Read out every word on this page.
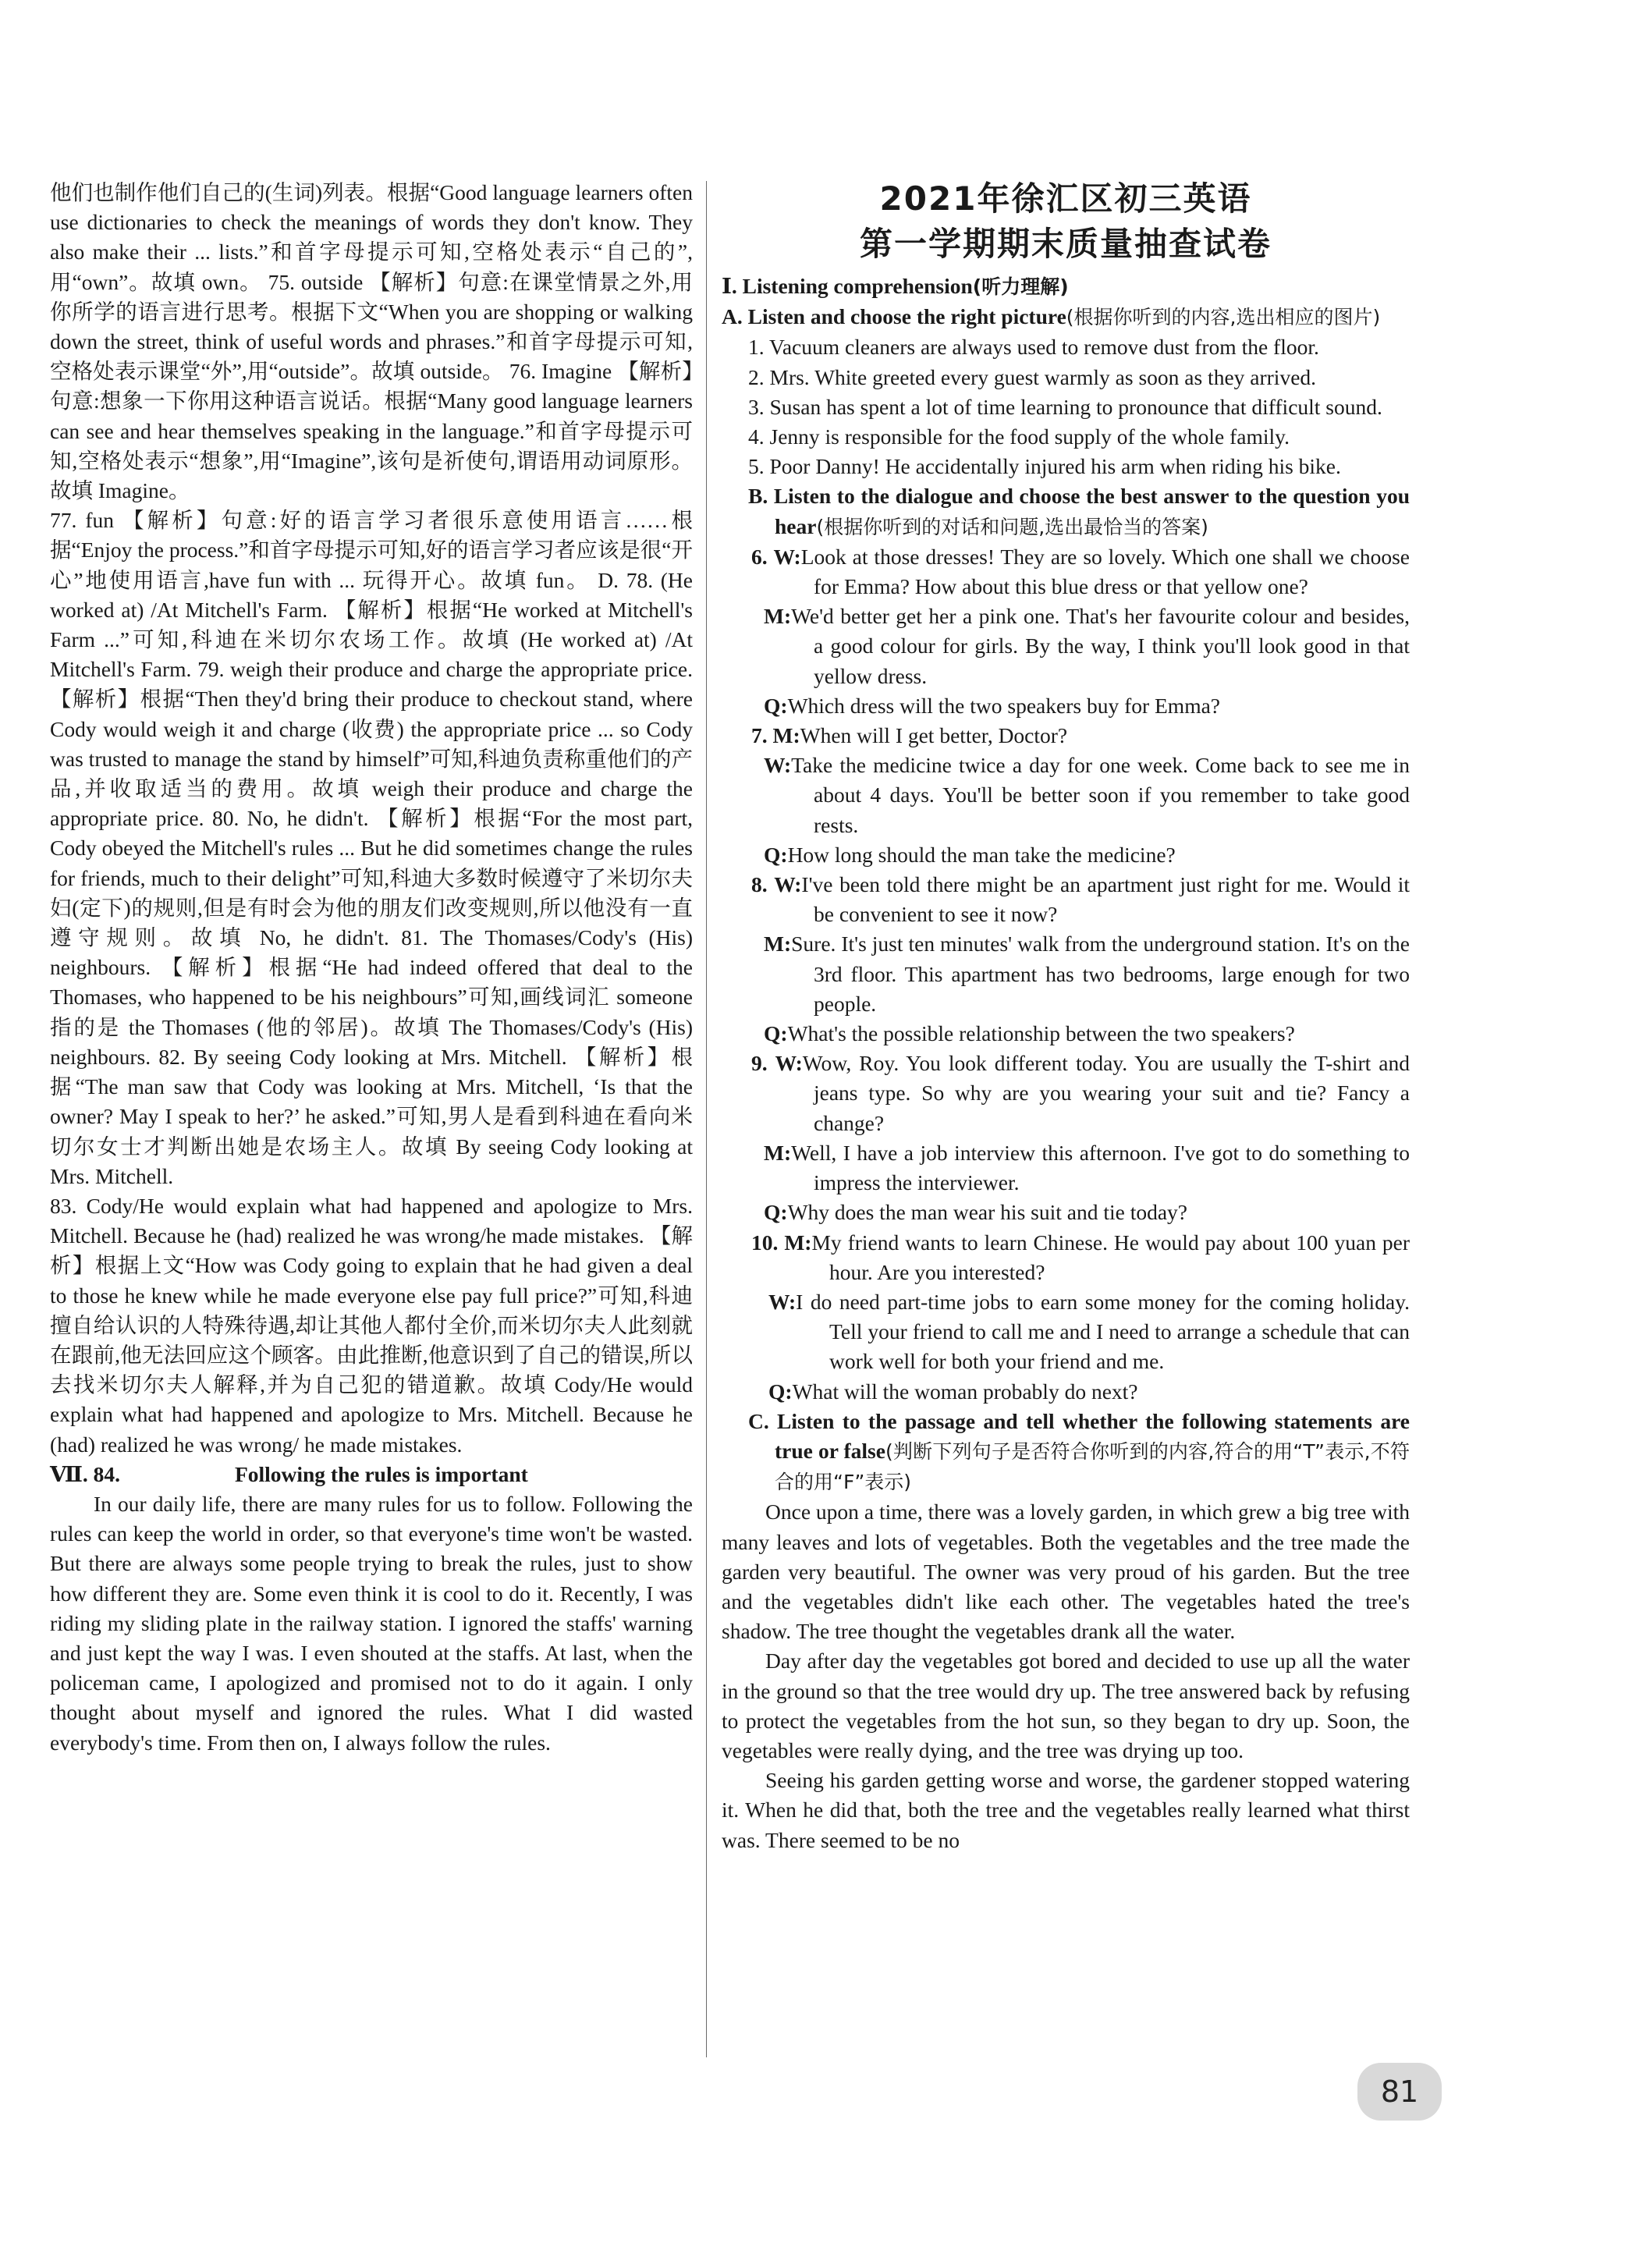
他们也制作他们自己的(生词)列表。根据“Good language learners often use dictionaries to check the meanings of words they don't know. They also make their ... lists.”和首字母提示可知,空格处表示“自己的”,用“own”。故填 own。 75. outside 【解析】句意:在课堂情景之外,用你所学的语言进行思考。根据下文“When you are shopping or walking down the street, think of useful words and phrases.”和首字母提示可知,空格处表示课堂“外”,用“outside”。故填 outside。 76. Imagine 【解析】句意:想象一下你用这种语言说话。根据“Many good language learners can see and hear themselves speaking in the language.”和首字母提示可知,空格处表示“想象”,用“Imagine”,该句是祈使句,谓语用动词原形。故填 Imagine。

77. fun 【解析】句意:好的语言学习者很乐意使用语言……根据“Enjoy the process.”和首字母提示可知,好的语言学习者应该是很“开心”地使用语言,have fun with ... 玩得开心。故填 fun。 D. 78. (He worked at) /At Mitchell's Farm. 【解析】根据“He worked at Mitchell's Farm ...”可知,科迪在米切尔农场工作。故填 (He worked at) /At Mitchell's Farm. 79. weigh their produce and charge the appropriate price. 【解析】根据“Then they'd bring their produce to checkout stand, where Cody would weigh it and charge (收费) the appropriate price ... so Cody was trusted to manage the stand by himself”可知,科迪负责称重他们的产品,并收取适当的费用。故填 weigh their produce and charge the appropriate price. 80. No, he didn't. 【解析】根据“For the most part, Cody obeyed the Mitchell's rules ... But he did sometimes change the rules for friends, much to their delight”可知,科迪大多数时候遵守了米切尔夫妇(定下)的规则,但是有时会为他的朋友们改变规则,所以他没有一直遵守规则。故填 No, he didn't. 81. The Thomases/Cody's (His) neighbours. 【解析】根据“He had indeed offered that deal to the Thomases, who happened to be his neighbours”可知,画线词汇 someone 指的是 the Thomases (他的邻居)。故填 The Thomases/Cody's (His) neighbours. 82. By seeing Cody looking at Mrs. Mitchell. 【解析】根据“The man saw that Cody was looking at Mrs. Mitchell, ‘Is that the owner? May I speak to her?’ he asked.”可知,男人是看到科迪在看向米切尔女士才判断出她是农场主人。故填 By seeing Cody looking at Mrs. Mitchell.

83. Cody/He would explain what had happened and apologize to Mrs. Mitchell. Because he (had) realized he was wrong/he made mistakes. 【解析】根据上文“How was Cody going to explain that he had given a deal to those he knew while he made everyone else pay full price?”可知,科迪擅自给认识的人特殊待遇,却让其他人都付全价,而米切尔夫人此刻就在跟前,他无法回应这个顾客。由此推断,他意识到了自己的错误,所以去找米切尔夫人解释,并为自己犯的错道歉。故填 Cody/He would explain what had happened and apologize to Mrs. Mitchell. Because he (had) realized he was wrong/ he made mistakes.

Ⅶ. 84.	Following the rules is important

In our daily life, there are many rules for us to follow. Following the rules can keep the world in order, so that everyone's time won't be wasted. But there are always some people trying to break the rules, just to show how different they are. Some even think it is cool to do it. Recently, I was riding my sliding plate in the railway station. I ignored the staffs' warning and just kept the way I was. I even shouted at the staffs. At last, when the policeman came, I apologized and promised not to do it again. I only thought about myself and ignored the rules. What I did wasted everybody's time. From then on, I always follow the rules.

2021年徐汇区初三英语
第一学期期末质量抽查试卷

Ⅰ. Listening comprehension(听力理解)

A. Listen and choose the right picture(根据你听到的内容,选出相应的图片)

1. Vacuum cleaners are always used to remove dust from the floor.

2. Mrs. White greeted every guest warmly as soon as they arrived.

3. Susan has spent a lot of time learning to pronounce that difficult sound.

4. Jenny is responsible for the food supply of the whole family.

5. Poor Danny! He accidentally injured his arm when riding his bike.

B. Listen to the dialogue and choose the best answer to the question you hear(根据你听到的对话和问题,选出最恰当的答案)

6. W:Look at those dresses! They are so lovely. Which one shall we choose for Emma? How about this blue dress or that yellow one?

M:We'd better get her a pink one. That's her favourite colour and besides, a good colour for girls. By the way, I think you'll look good in that yellow dress.

Q:Which dress will the two speakers buy for Emma?

7. M:When will I get better, Doctor?

W:Take the medicine twice a day for one week. Come back to see me in about 4 days. You'll be better soon if you remember to take good rests.

Q:How long should the man take the medicine?

8. W:I've been told there might be an apartment just right for me. Would it be convenient to see it now?

M:Sure. It's just ten minutes' walk from the underground station. It's on the 3rd floor. This apartment has two bedrooms, large enough for two people.

Q:What's the possible relationship between the two speakers?

9. W:Wow, Roy. You look different today. You are usually the T-shirt and jeans type. So why are you wearing your suit and tie? Fancy a change?

M:Well, I have a job interview this afternoon. I've got to do something to impress the interviewer.

Q:Why does the man wear his suit and tie today?

10. M:My friend wants to learn Chinese. He would pay about 100 yuan per hour. Are you interested?

W:I do need part-time jobs to earn some money for the coming holiday. Tell your friend to call me and I need to arrange a schedule that can work well for both your friend and me.

Q:What will the woman probably do next?

C. Listen to the passage and tell whether the following statements are true or false(判断下列句子是否符合你听到的内容,符合的用“T”表示,不符合的用“F”表示)

Once upon a time, there was a lovely garden, in which grew a big tree with many leaves and lots of vegetables. Both the vegetables and the tree made the garden very beautiful. The owner was very proud of his garden. But the tree and the vegetables didn't like each other. The vegetables hated the tree's shadow. The tree thought the vegetables drank all the water.

Day after day the vegetables got bored and decided to use up all the water in the ground so that the tree would dry up. The tree answered back by refusing to protect the vegetables from the hot sun, so they began to dry up. Soon, the vegetables were really dying, and the tree was drying up too.

Seeing his garden getting worse and worse, the gardener stopped watering it. When he did that, both the tree and the vegetables really learned what thirst was. There seemed to be no

81
